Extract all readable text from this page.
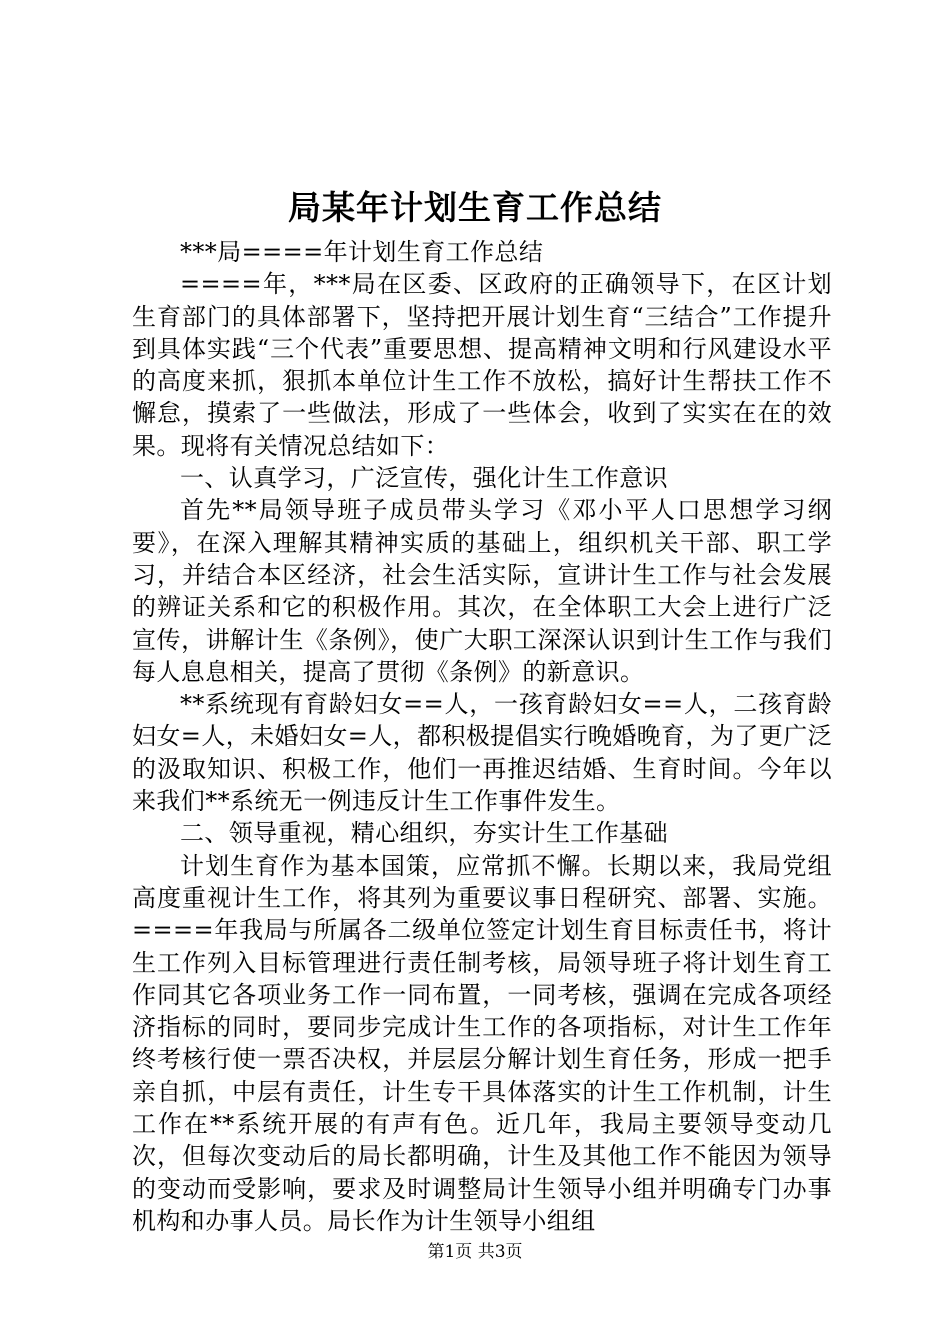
局某年计划生育工作总结

***局====年计划生育工作总结

====年，***局在区委、区政府的正确领导下，在区计划生育部门的具体部署下，坚持把开展计划生育“三结合”工作提升到具体实践“三个代表”重要思想、提高精神文明和行风建设水平的高度来抓，狠抓本单位计生工作不放松，搞好计生帮扶工作不懈怠，摸索了一些做法，形成了一些体会，收到了实实在在的效果。现将有关情况总结如下：

一、认真学习，广泛宣传，强化计生工作意识

首先**局领导班子成员带头学习《邓小平人口思想学习纲要》，在深入理解其精神实质的基础上，组织机关干部、职工学习，并结合本区经济，社会生活实际，宣讲计生工作与社会发展的辨证关系和它的积极作用。其次，在全体职工大会上进行广泛宣传，讲解计生《条例》，使广大职工深深认识到计生工作与我们每人息息相关，提高了贯彻《条例》的新意识。

**系统现有育龄妇女==人，一孩育龄妇女==人，二孩育龄妇女=人，未婚妇女=人，都积极提倡实行晚婚晚育，为了更广泛的汲取知识、积极工作，他们一再推迟结婚、生育时间。今年以来我们**系统无一例违反计生工作事件发生。

二、领导重视，精心组织，夯实计生工作基础

计划生育作为基本国策，应常抓不懈。长期以来，我局党组高度重视计生工作，将其列为重要议事日程研究、部署、实施。====年我局与所属各二级单位签定计划生育目标责任书，将计生工作列入目标管理进行责任制考核，局领导班子将计划生育工作同其它各项业务工作一同布置，一同考核，强调在完成各项经济指标的同时，要同步完成计生工作的各项指标，对计生工作年终考核行使一票否决权，并层层分解计划生育任务，形成一把手亲自抓，中层有责任，计生专干具体落实的计生工作机制，计生工作在**系统开展的有声有色。近几年，我局主要领导变动几次，但每次变动后的局长都明确，计生及其他工作不能因为领导的变动而受影响，要求及时调整局计生领导小组并明确专门办事机构和办事人员。局长作为计生领导小组组

第1页 共3页
